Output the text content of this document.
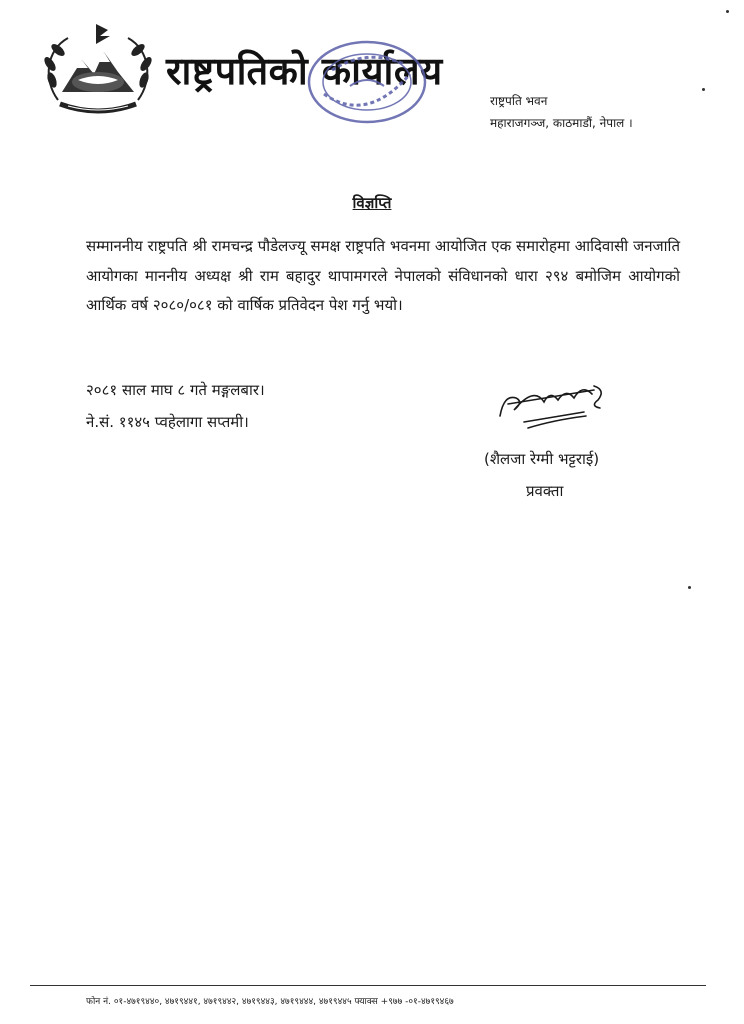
राष्ट्रपतिको कार्यालय
राष्ट्रपति भवन
महाराजगञ्ज, काठमाडौं, नेपाल ।
विज्ञप्ति
सम्माननीय राष्ट्रपति श्री रामचन्द्र पौडेलज्यू समक्ष राष्ट्रपति भवनमा आयोजित एक समारोहमा आदिवासी जनजाति आयोगका माननीय अध्यक्ष श्री राम बहादुर थापामगरले नेपालको संविधानको धारा २९४ बमोजिम आयोगको आर्थिक वर्ष २०८०/०८१ को वार्षिक प्रतिवेदन पेश गर्नु भयो।
२०८१ साल माघ ८ गते मङ्गलबार।
ने.सं. ११४५ प्वहेलागा सप्तमी।
(शैलजा रेग्मी भट्टराई)
प्रवक्ता
फोन नं. ०१-४७१९४४०, ४७१९४४१, ४७१९४४२, ४७१९४४३, ४७१९४४४, ४७१९४४५ फ्याक्स +९७७ -०१-४७१९४६७
